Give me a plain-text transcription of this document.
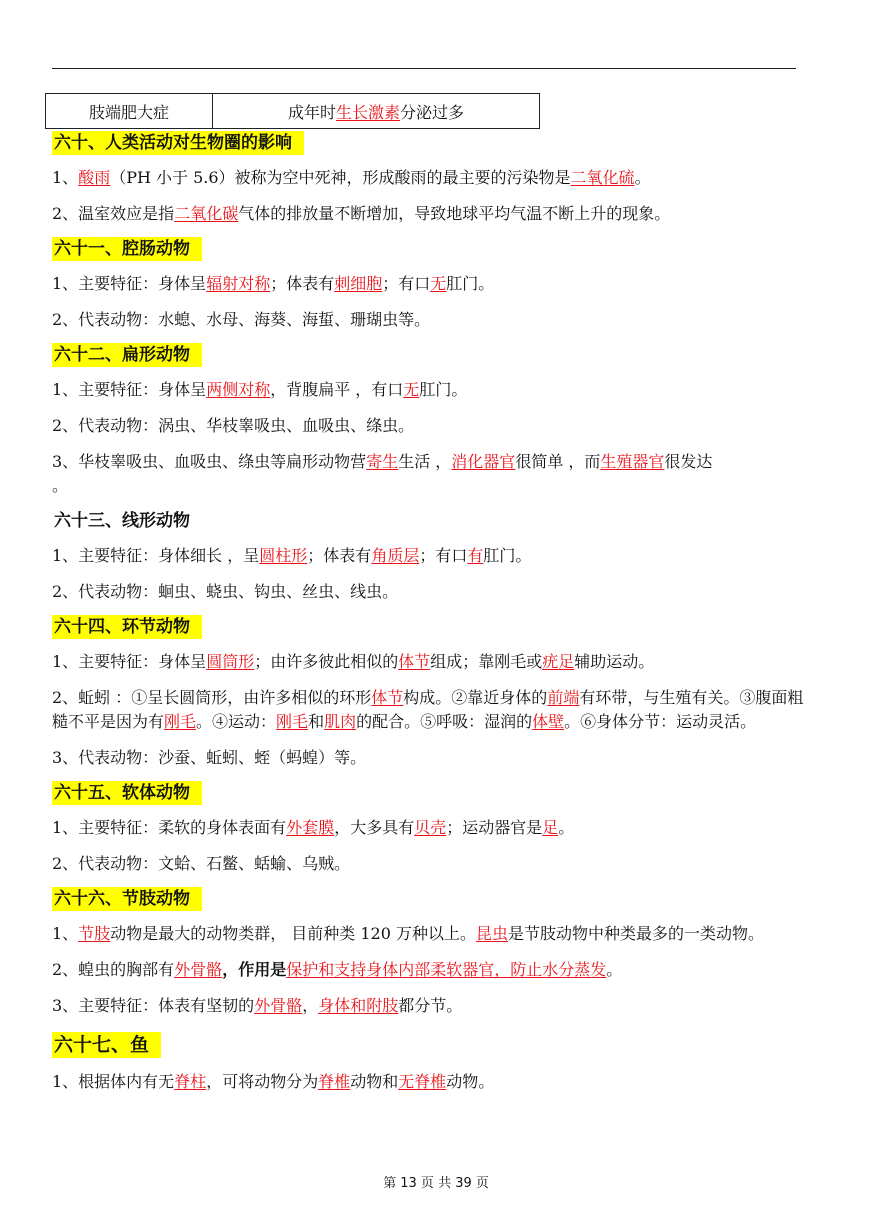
肢端肥大症	成年时 生长激素 分泌过多
六十、人类活动对生物圈的影响

1、酸雨（PH 小于 5.6）被称为空中死神，形成酸雨的最主要的污染物是二氧化硫。

2、温室效应是指二氧化碳气体的排放量不断增加，导致地球平均气温不断上升的现象。

六十一、腔肠动物

1、主要特征：身体呈辐射对称；体表有刺细胞；有口无肛门。

2、代表动物：水螅、水母、海葵、海蜇、珊瑚虫等。

六十二、扁形动物

1、主要特征：身体呈两侧对称，背腹扁平 ，有口无肛门。

2、代表动物：涡虫、华枝睾吸虫、血吸虫、绦虫。

3、华枝睾吸虫、血吸虫、绦虫等扁形动物营寄生生活 ，消化器官很简单 ，而生殖器官很发达
。

六十三、线形动物

1、主要特征：身体细长 ，呈圆柱形；体表有角质层；有口有肛门。

2、代表动物：蛔虫、蛲虫、钩虫、丝虫、线虫。

六十四、环节动物

1、主要特征：身体呈圆筒形；由许多彼此相似的体节组成；靠刚毛或疣足辅助运动。

2、蚯蚓 ：①呈长圆筒形，由许多相似的环形体节构成。②靠近身体的前端有环带，与生殖有关。③腹面粗糙不平是因为有刚毛。④运动：刚毛和肌肉的配合。⑤呼吸：湿润的体壁。⑥身体分节：运动灵活。

3、代表动物：沙蚕、蚯蚓、蛭（蚂蝗）等。

六十五、软体动物

1、主要特征：柔软的身体表面有外套膜，大多具有贝壳；运动器官是足。

2、代表动物：文蛤、石鳖、蛞蝓、乌贼。

六十六、节肢动物

1、节肢动物是最大的动物类群， 目前种类 120 万种以上。昆虫是节肢动物中种类最多的一类动物。

2、蝗虫的胸部有外骨骼，作用是保护和支持身体内部柔软器官，防止水分蒸发。

3、主要特征：体表有坚韧的外骨骼，身体和附肢都分节。

六十七、鱼

1、根据体内有无脊柱，可将动物分为脊椎动物和无脊椎动物。

第 13 页 共 39 页
